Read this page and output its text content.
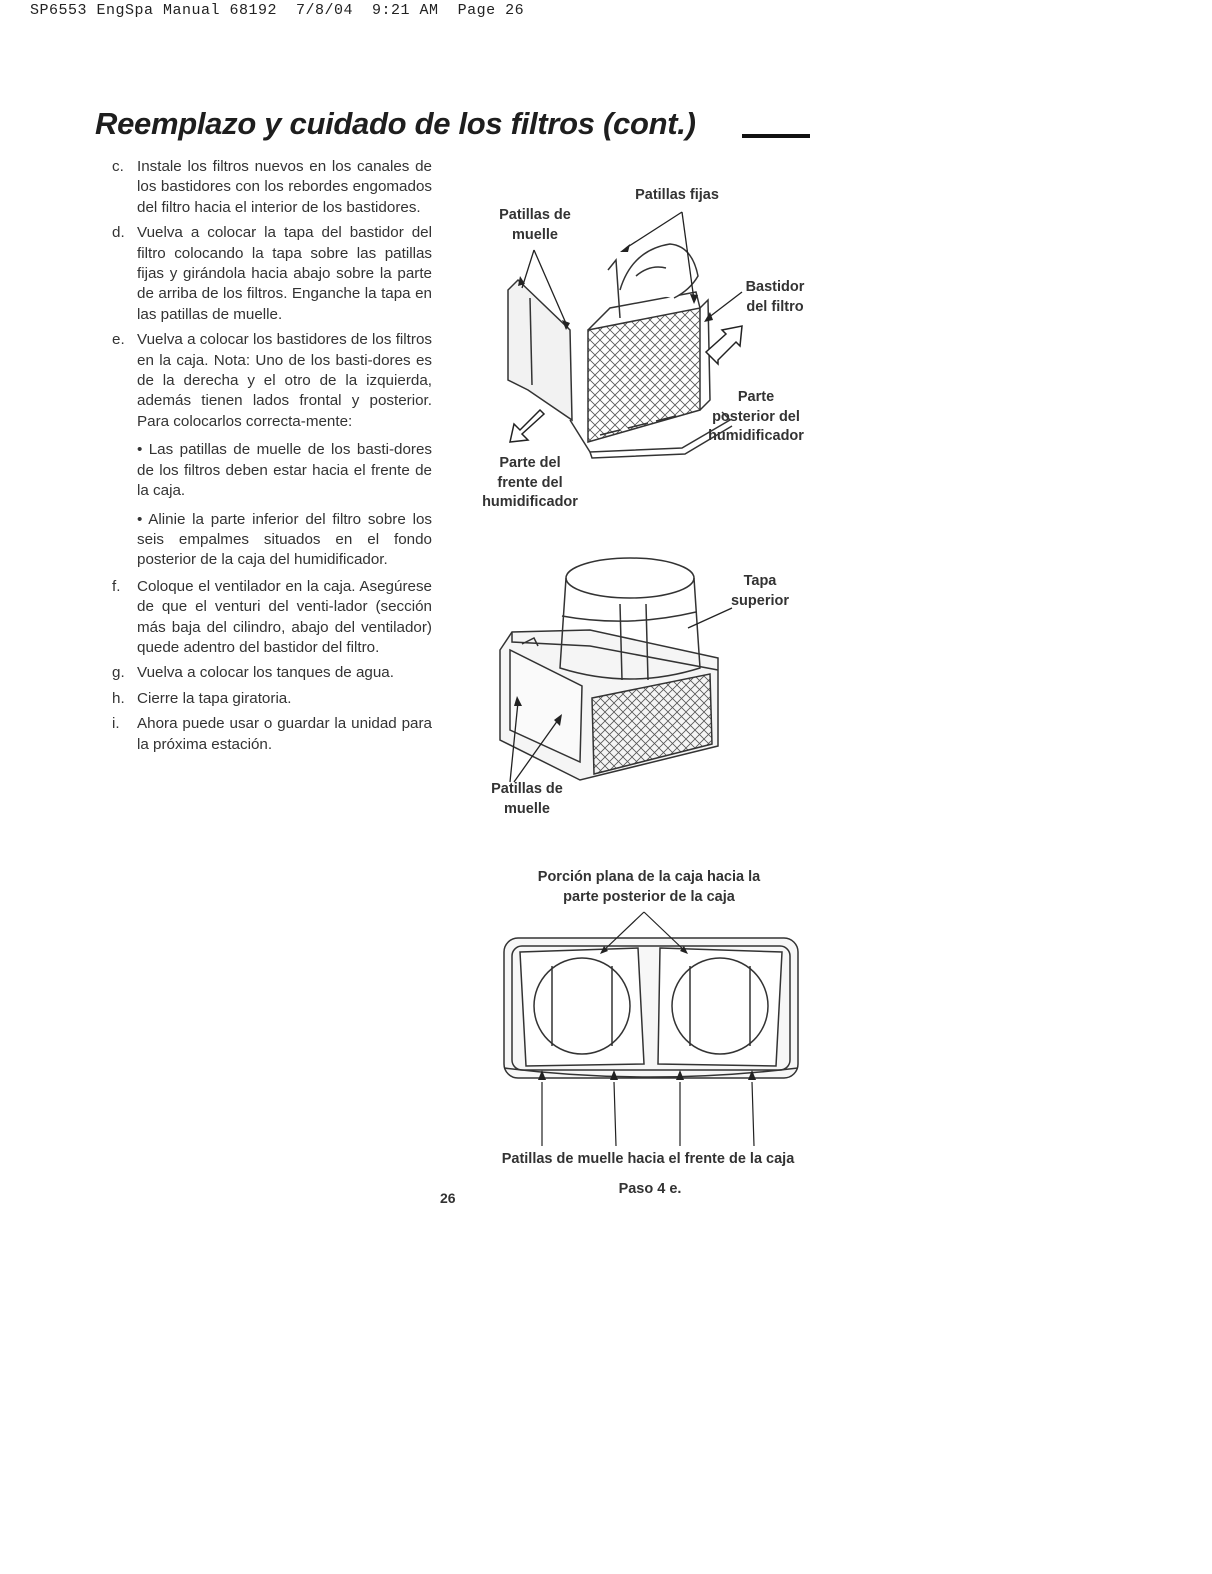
SP6553 EngSpa Manual 68192  7/8/04  9:21 AM  Page 26
Reemplazo y cuidado de los filtros (cont.)
c. Instale los filtros nuevos en los canales de los bastidores con los rebordes engomados del filtro hacia el interior de los bastidores.
d. Vuelva a colocar la tapa del bastidor del filtro colocando la tapa sobre las patillas fijas y girándola hacia abajo sobre la parte de arriba de los filtros. Enganche la tapa en las patillas de muelle.
e. Vuelva a colocar los bastidores de los filtros en la caja. Nota: Uno de los basti-dores es de la derecha y el otro de la izquierda, además tienen lados frontal y posterior. Para colocarlos correcta-mente:
• Las patillas de muelle de los basti-dores de los filtros deben estar hacia el frente de la caja.
• Alinie la parte inferior del filtro sobre los seis empalmes situados en el fondo posterior de la caja del humidificador.
f.	Coloque el ventilador en la caja. Asegúrese de que el venturi del venti-lador (sección más baja del cilindro, abajo del ventilador) quede adentro del bastidor del filtro.
g. Vuelva a colocar los tanques de agua.
h. Cierre la tapa giratoria.
i.	Ahora puede usar o guardar la unidad para la próxima estación.
Patillas fijas
Patillas de
muelle
Bastidor
del filtro
Parte
posterior del
humidificador
Parte del
frente del
humidificador
Tapa
superior
Patillas de
muelle
Porción plana de la caja hacia la
parte posterior de la caja
Patillas de muelle hacia el frente de la caja
Paso 4 e.
26
